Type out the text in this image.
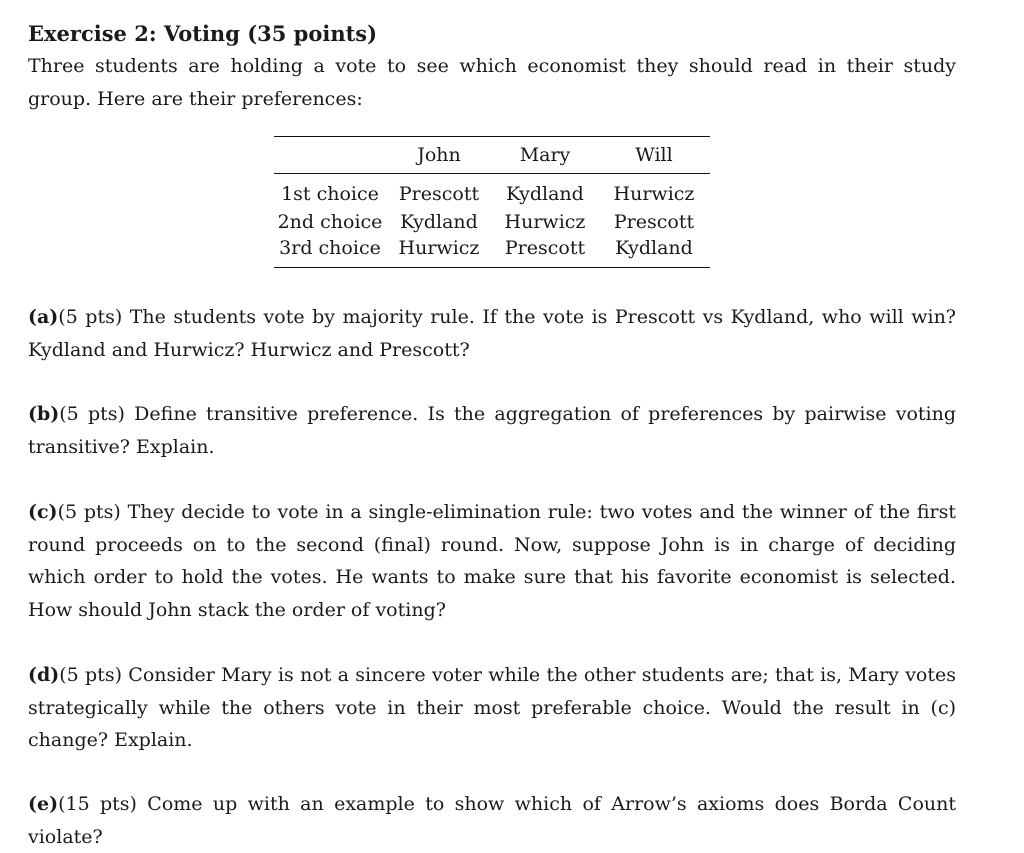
Exercise 2: Voting (35 points)

Three students are holding a vote to see which economist they should read in their study group. Here are their preferences:

	John	Mary	Will
1st choice	Prescott	Kydland	Hurwicz
2nd choice	Kydland	Hurwicz	Prescott
3rd choice	Hurwicz	Prescott	Kydland

(a)(5 pts) The students vote by majority rule. If the vote is Prescott vs Kydland, who will win? Kydland and Hurwicz? Hurwicz and Prescott?

(b)(5 pts) Define transitive preference. Is the aggregation of preferences by pairwise voting transitive? Explain.

(c)(5 pts) They decide to vote in a single-elimination rule: two votes and the winner of the first round proceeds on to the second (final) round. Now, suppose John is in charge of deciding which order to hold the votes. He wants to make sure that his favorite economist is selected. How should John stack the order of voting?

(d)(5 pts) Consider Mary is not a sincere voter while the other students are; that is, Mary votes strategically while the others vote in their most preferable choice. Would the result in (c) change? Explain.

(e)(15 pts) Come up with an example to show which of Arrow’s axioms does Borda Count violate?
